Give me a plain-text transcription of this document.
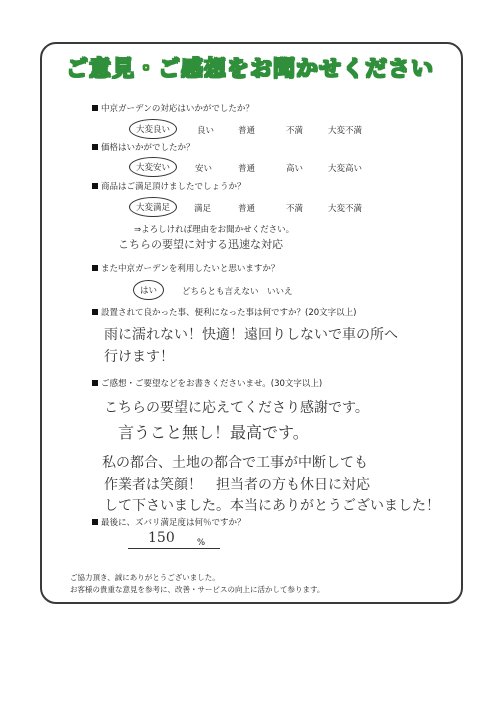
ご意見・ご感想をお聞かせください
中京ガーデンの対応はいかがでしたか？
大変良い	良い	普通	不満	大変不満
価格はいかがでしたか？
大変安い	安い	普通	高い	大変高い
商品はご満足頂けましたでしょうか？
大変満足	満足	普通	不満	大変不満
⇒よろしければ理由をお聞かせください。
こちらの要望に対する迅速な対応
また中京ガーデンを利用したいと思いますか？
はい	どちらとも言えない いいえ
設置されて良かった事、便利になった事は何ですか？(20文字以上)
雨に濡れない！快適！遠回りしないで車の所へ
行けます！
ご感想・ご要望などをお書きくださいませ。(30文字以上)
こちらの要望に応えてくださり感謝です。
言うこと無し！最高です。
私の都合、土地の都合で工事が中断しても
作業者は笑顔！　担当者の方も休日に対応
して下さいました。本当にありがとうございました！
最後に、ズバリ満足度は何％ですか？
150	%
ご協力頂き、誠にありがとうございました。
お客様の貴重な意見を参考に、改善・サービスの向上に活かして参ります。
